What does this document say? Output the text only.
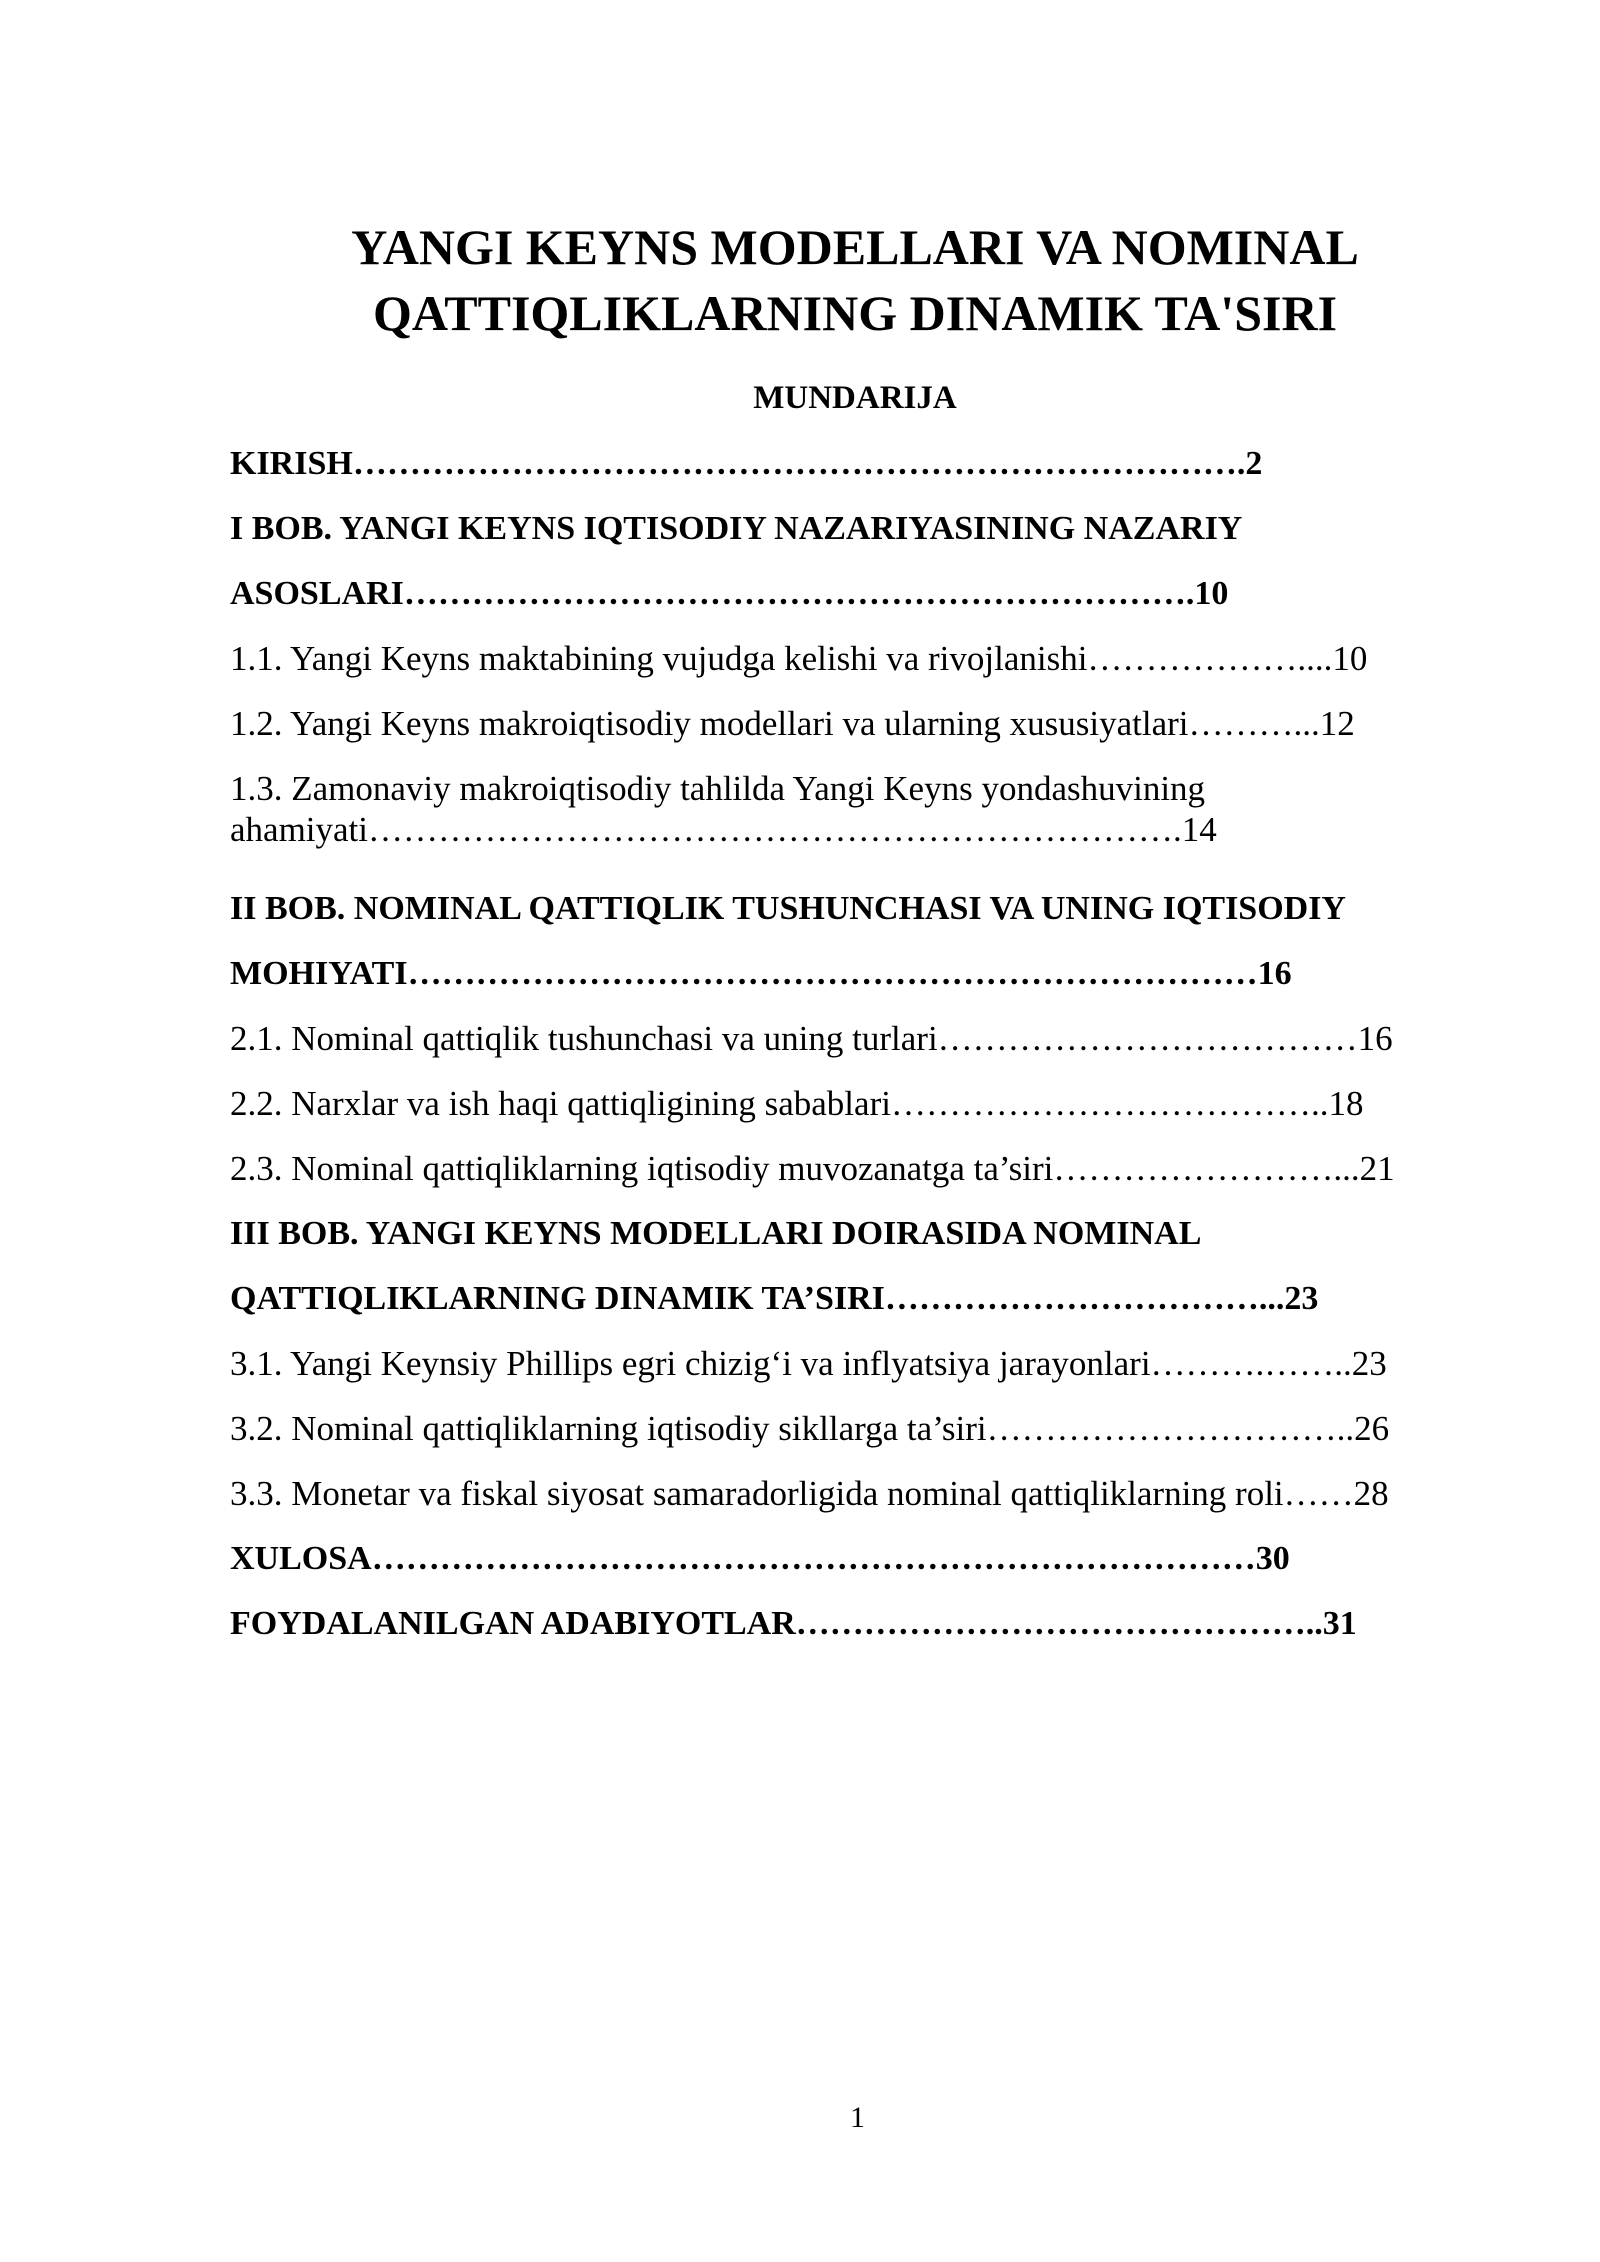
YANGI KEYNS MODELLARI VA NOMINAL
QATTIQLIKLARNING DINAMIK TA'SIRI
MUNDARIJA
KIRISH…………………………………………………………………….2
I BOB. YANGI KEYNS IQTISODIY NAZARIYASINING NAZARIY
ASOSLARI…………………………………………………………….10
1.1. Yangi Keyns maktabining vujudga kelishi va rivojlanishi………………....10
1.2. Yangi Keyns makroiqtisodiy modellari va ularning xususiyatlari………...12
1.3. Zamonaviy makroiqtisodiy tahlilda Yangi Keyns yondashuvining
ahamiyati…………………………………………………………….14
II BOB. NOMINAL QATTIQLIK TUSHUNCHASI VA UNING IQTISODIY
MOHIYATI…………………………………………………………………16
2.1. Nominal qattiqlik tushunchasi va uning turlari………………………………16
2.2. Narxlar va ish haqi qattiqligining sabablari………………………………..18
2.3. Nominal qattiqliklarning iqtisodiy muvozanatga ta’siri……………………...21
III BOB. YANGI KEYNS MODELLARI DOIRASIDA NOMINAL
QATTIQLIKLARNING DINAMIK TA’SIRI……………………………...23
3.1. Yangi Keynsiy Phillips egri chizig‘i va inflyatsiya jarayonlari……….……..23
3.2. Nominal qattiqliklarning iqtisodiy sikllarga ta’siri…………………………..26
3.3. Monetar va fiskal siyosat samaradorligida nominal qattiqliklarning roli……28
XULOSA……………………………………………………………………30
FOYDALANILGAN ADABIYOTLAR………………………………………..31
1
